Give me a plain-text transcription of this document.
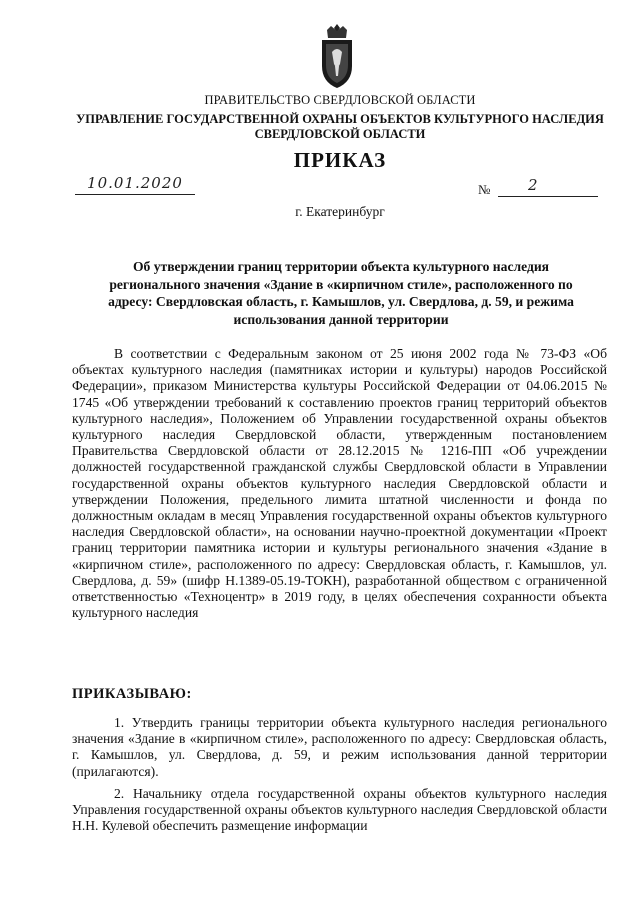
ПРАВИТЕЛЬСТВО СВЕРДЛОВСКОЙ ОБЛАСТИ
УПРАВЛЕНИЕ ГОСУДАРСТВЕННОЙ ОХРАНЫ ОБЪЕКТОВ КУЛЬТУРНОГО НАСЛЕДИЯ СВЕРДЛОВСКОЙ ОБЛАСТИ
ПРИКАЗ
10.01.2020	№	2
г. Екатеринбург
Об утверждении границ территории объекта культурного наследия регионального значения «Здание в «кирпичном стиле», расположенного по адресу: Свердловская область, г. Камышлов, ул. Свердлова, д. 59, и режима использования данной территории

В соответствии с Федеральным законом от 25 июня 2002 года № 73-ФЗ «Об объектах культурного наследия (памятниках истории и культуры) народов Российской Федерации», приказом Министерства культуры Российской Федерации от 04.06.2015 № 1745 «Об утверждении требований к составлению проектов границ территорий объектов культурного наследия», Положением об Управлении государственной охраны объектов культурного наследия Свердловской области, утвержденным постановлением Правительства Свердловской области от 28.12.2015 № 1216-ПП «Об учреждении должностей государственной гражданской службы Свердловской области в Управлении государственной охраны объектов культурного наследия Свердловской области и утверждении Положения, предельного лимита штатной численности и фонда по должностным окладам в месяц Управления государственной охраны объектов культурного наследия Свердловской области», на основании научно-проектной документации «Проект границ территории памятника истории и культуры регионального значения «Здание в «кирпичном стиле», расположенного по адресу: Свердловская область, г. Камышлов, ул. Свердлова, д. 59» (шифр Н.1389-05.19-ТОКН), разработанной обществом с ограниченной ответственностью «Техноцентр» в 2019 году, в целях обеспечения сохранности объекта культурного наследия

ПРИКАЗЫВАЮ:

1. Утвердить границы территории объекта культурного наследия регионального значения «Здание в «кирпичном стиле», расположенного по адресу: Свердловская область, г. Камышлов, ул. Свердлова, д. 59, и режим использования данной территории (прилагаются).

2. Начальнику отдела государственной охраны объектов культурного наследия Управления государственной охраны объектов культурного наследия Свердловской области Н.Н. Кулевой обеспечить размещение информации
